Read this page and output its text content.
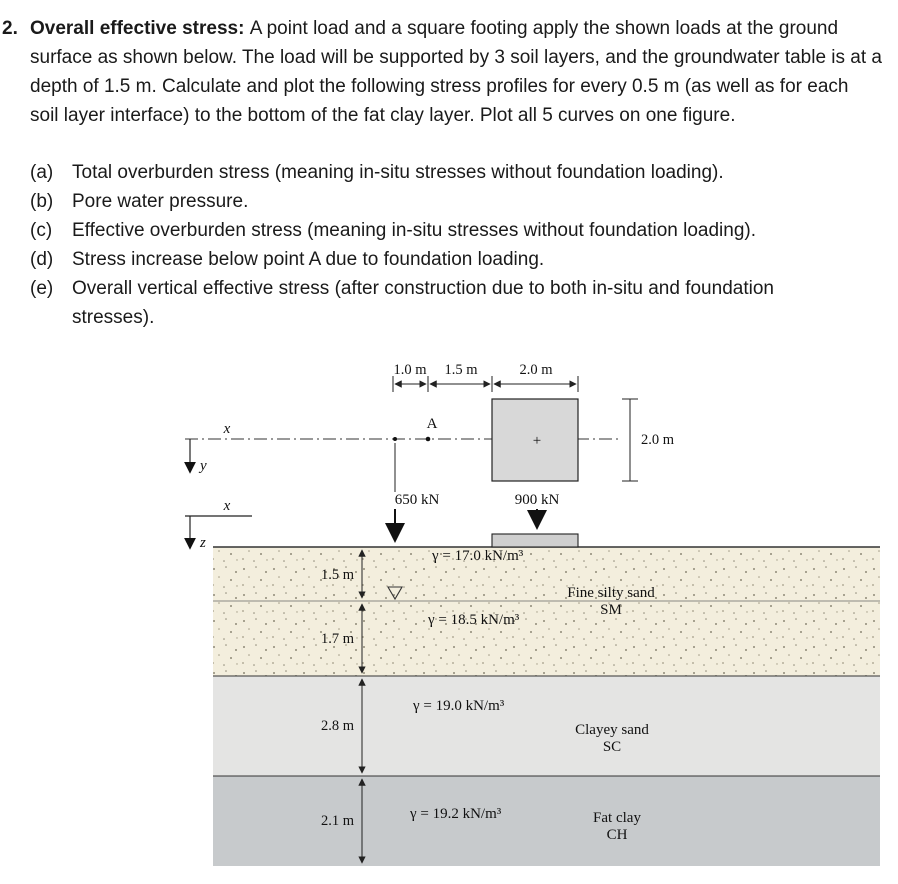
2. Overall effective stress: A point load and a square footing apply the shown loads at the ground surface as shown below. The load will be supported by 3 soil layers, and the groundwater table is at a depth of 1.5 m. Calculate and plot the following stress profiles for every 0.5 m (as well as for each soil layer interface) to the bottom of the fat clay layer. Plot all 5 curves on one figure.

(a) Total overburden stress (meaning in-situ stresses without foundation loading).
(b) Pore water pressure.
(c)	Effective overburden stress (meaning in-situ stresses without foundation loading).
(d) Stress increase below point A due to foundation loading.
(e) Overall vertical effective stress (after construction due to both in-situ and foundation stresses).
x
y
x
z
1.0 m 1.5 m	2.0 m
+	2.0 m
A
650 kN	900 kN
1.5 m
1.7 m
2.8 m
2.1 m
γ = 17.0 kN/m³
γ = 18.5 kN/m³
γ = 19.0 kN/m³
γ = 19.2 kN/m³
Fine silty sand
SM
Clayey sand
SC
Fat clay
CH
